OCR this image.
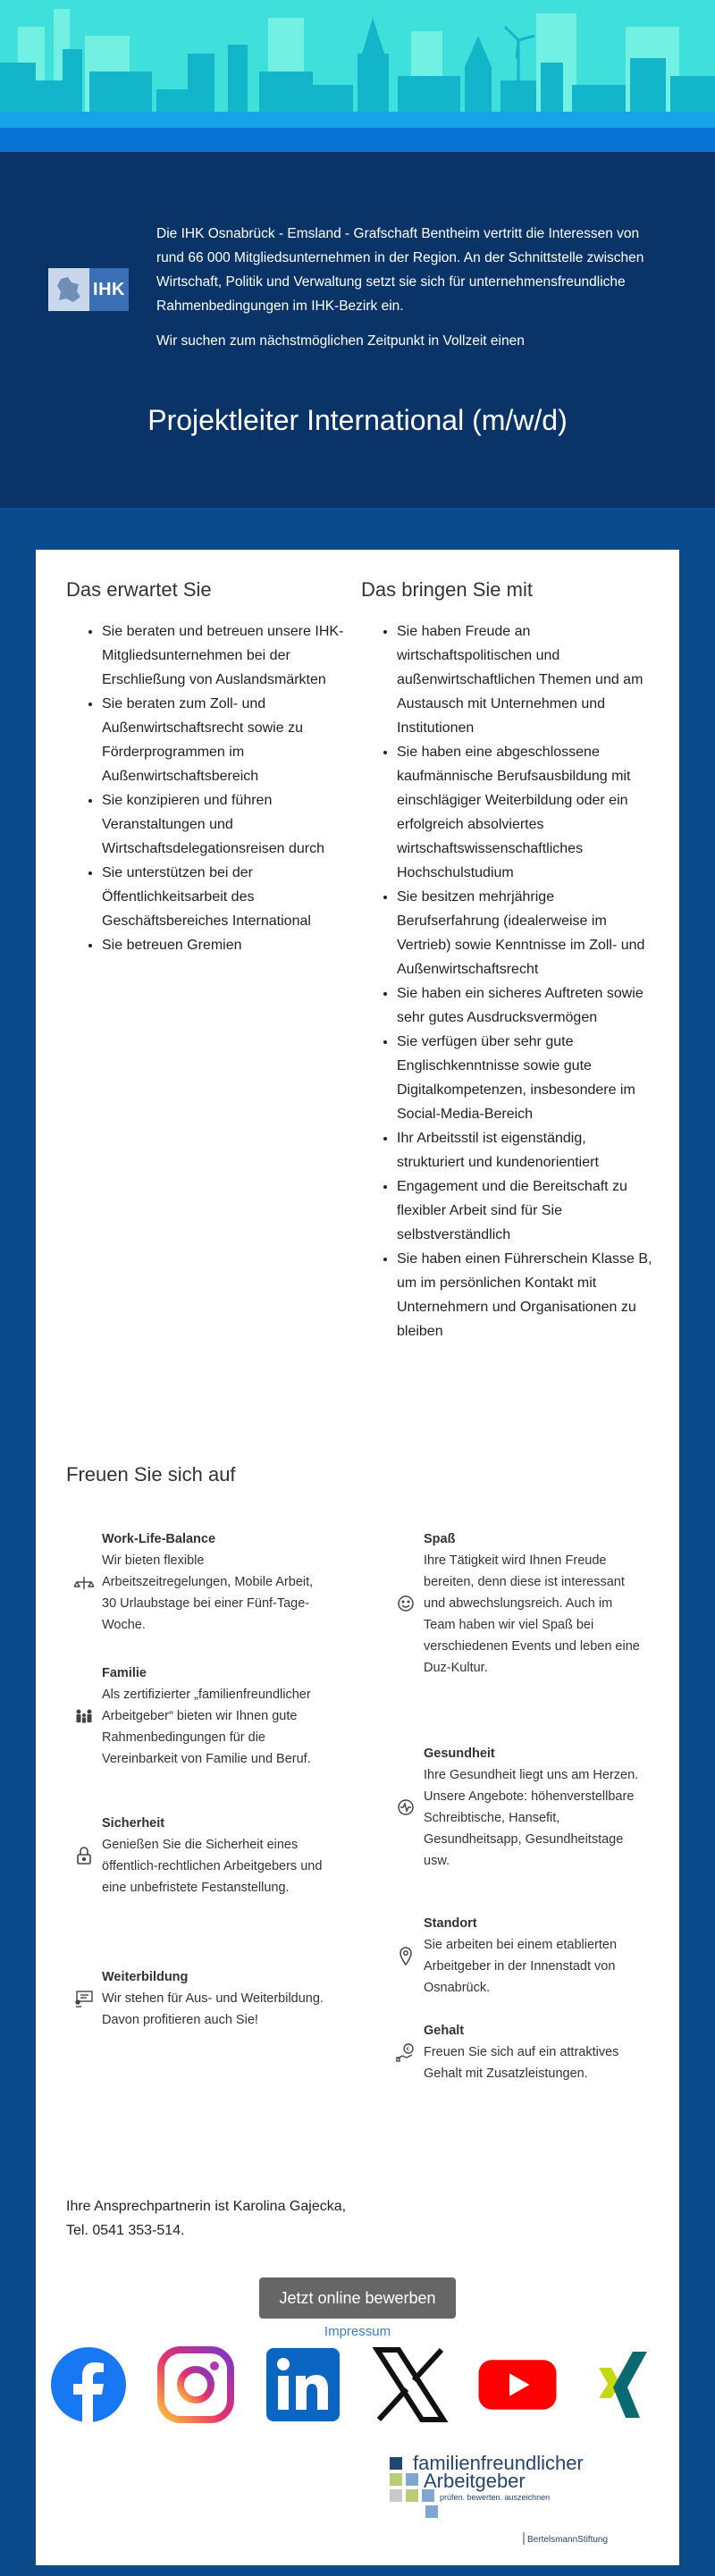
IHK

Die IHK Osnabrück - Emsland - Grafschaft Bentheim vertritt die Interessen von rund 66 000 Mitgliedsunternehmen in der Region. An der Schnittstelle zwischen Wirtschaft, Politik und Verwaltung setzt sie sich für unternehmensfreundliche Rahmenbedingungen im IHK-Bezirk ein.

Wir suchen zum nächstmöglichen Zeitpunkt in Vollzeit einen

Projektleiter International (m/w/d)
Das erwartet Sie
• Sie beraten und betreuen unsere IHK-Mitgliedsunternehmen bei der Erschließung von Auslandsmärkten
• Sie beraten zum Zoll- und Außenwirtschaftsrecht sowie zu Förderprogrammen im Außenwirtschaftsbereich
• Sie konzipieren und führen Veranstaltungen und Wirtschaftsdelegationsreisen durch
• Sie unterstützen bei der Öffentlichkeitsarbeit des Geschäftsbereiches International
• Sie betreuen Gremien
Das bringen Sie mit
• Sie haben Freude an wirtschaftspolitischen und außenwirtschaftlichen Themen und am Austausch mit Unternehmen und Institutionen
• Sie haben eine abgeschlossene kaufmännische Berufsausbildung mit einschlägiger Weiterbildung oder ein erfolgreich absolviertes wirtschaftswissenschaftliches Hochschulstudium
• Sie besitzen mehrjährige Berufserfahrung (idealerweise im Vertrieb) sowie Kenntnisse im Zoll- und Außenwirtschaftsrecht
• Sie haben ein sicheres Auftreten sowie sehr gutes Ausdrucksvermögen
• Sie verfügen über sehr gute Englischkenntnisse sowie gute Digitalkompetenzen, insbesondere im Social-Media-Bereich
• Ihr Arbeitsstil ist eigenständig, strukturiert und kundenorientiert
• Engagement und die Bereitschaft zu flexibler Arbeit sind für Sie selbstverständlich
• Sie haben einen Führerschein Klasse B, um im persönlichen Kontakt mit Unternehmern und Organisationen zu bleiben
Freuen Sie sich auf
Work-Life-Balance
Wir bieten flexible Arbeitszeitregelungen, Mobile Arbeit, 30 Urlaubstage bei einer Fünf-Tage-Woche.
Familie
Als zertifizierter „familienfreundlicher Arbeitgeber“ bieten wir Ihnen gute Rahmenbedingungen für die Vereinbarkeit von Familie und Beruf.
Sicherheit
Genießen Sie die Sicherheit eines öffentlich-rechtlichen Arbeitgebers und eine unbefristete Festanstellung.
Weiterbildung
Wir stehen für Aus- und Weiterbildung. Davon profitieren auch Sie!
Spaß
Ihre Tätigkeit wird Ihnen Freude bereiten, denn diese ist interessant und abwechslungsreich. Auch im Team haben wir viel Spaß bei verschiedenen Events und leben eine Duz-Kultur.
Gesundheit
Ihre Gesundheit liegt uns am Herzen. Unsere Angebote: höhenverstellbare Schreibtische, Hansefit, Gesundheitsapp, Gesundheitstage usw.
Standort
Sie arbeiten bei einem etablierten Arbeitgeber in der Innenstadt von Osnabrück.
€
Gehalt
Freuen Sie sich auf ein attraktives Gehalt mit Zusatzleistungen.
Ihre Ansprechpartnerin ist Karolina Gajecka, Tel. 0541 353-514.
Jetzt online bewerben
Impressum
familienfreundlicher
Arbeitgeber
prüfen. bewerten. auszeichnen
BertelsmannStiftung
